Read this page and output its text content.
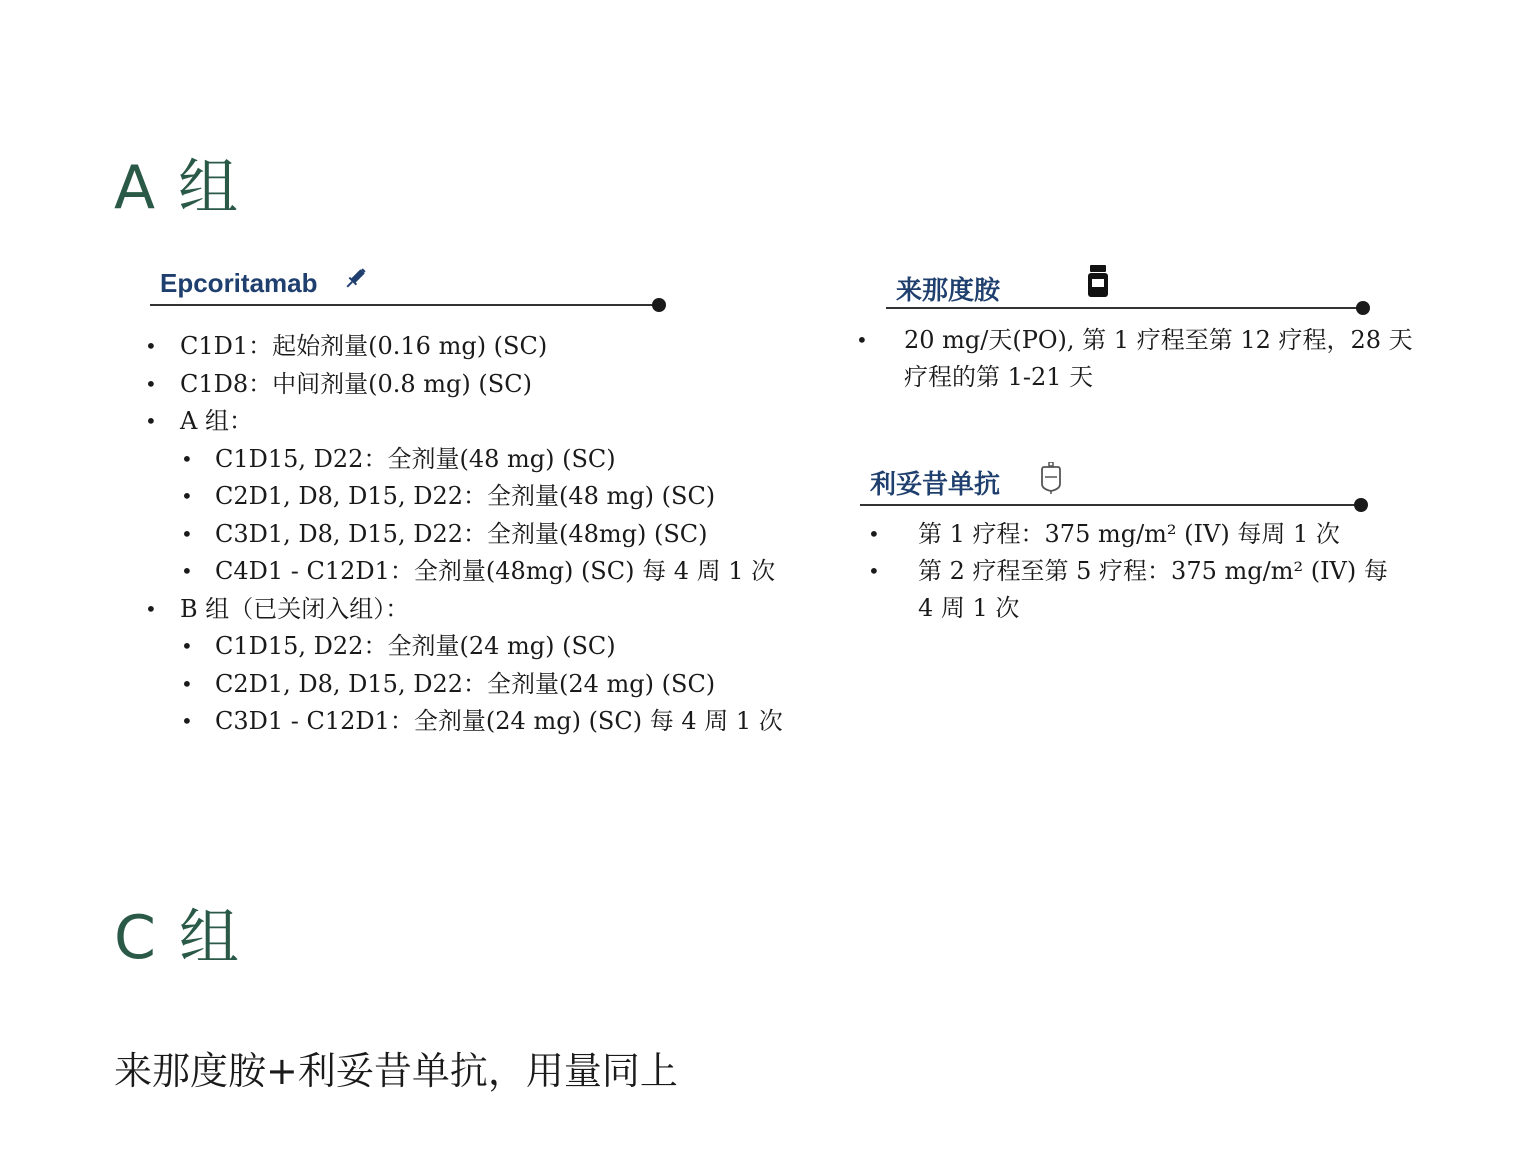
A 组
Epcoritamab
• C1D1：起始剂量(0.16 mg) (SC)
• C1D8：中间剂量(0.8 mg) (SC)
• A 组：
• C1D15, D22：全剂量(48 mg) (SC)
• C2D1, D8, D15, D22：全剂量(48 mg) (SC)
• C3D1, D8, D15, D22：全剂量(48mg) (SC)
• C4D1 - C12D1：全剂量(48mg) (SC) 每 4 周 1 次
• B 组（已关闭入组）：
• C1D15, D22：全剂量(24 mg) (SC)
• C2D1, D8, D15, D22：全剂量(24 mg) (SC)
• C3D1 - C12D1：全剂量(24 mg) (SC) 每 4 周 1 次
来那度胺
• 20 mg/天(PO), 第 1 疗程至第 12 疗程，28 天疗程的第 1-21 天
利妥昔单抗
• 第 1 疗程：375 mg/m² (IV) 每周 1 次
• 第 2 疗程至第 5 疗程：375 mg/m² (IV) 每 4 周 1 次
C 组
来那度胺+利妥昔单抗，用量同上
